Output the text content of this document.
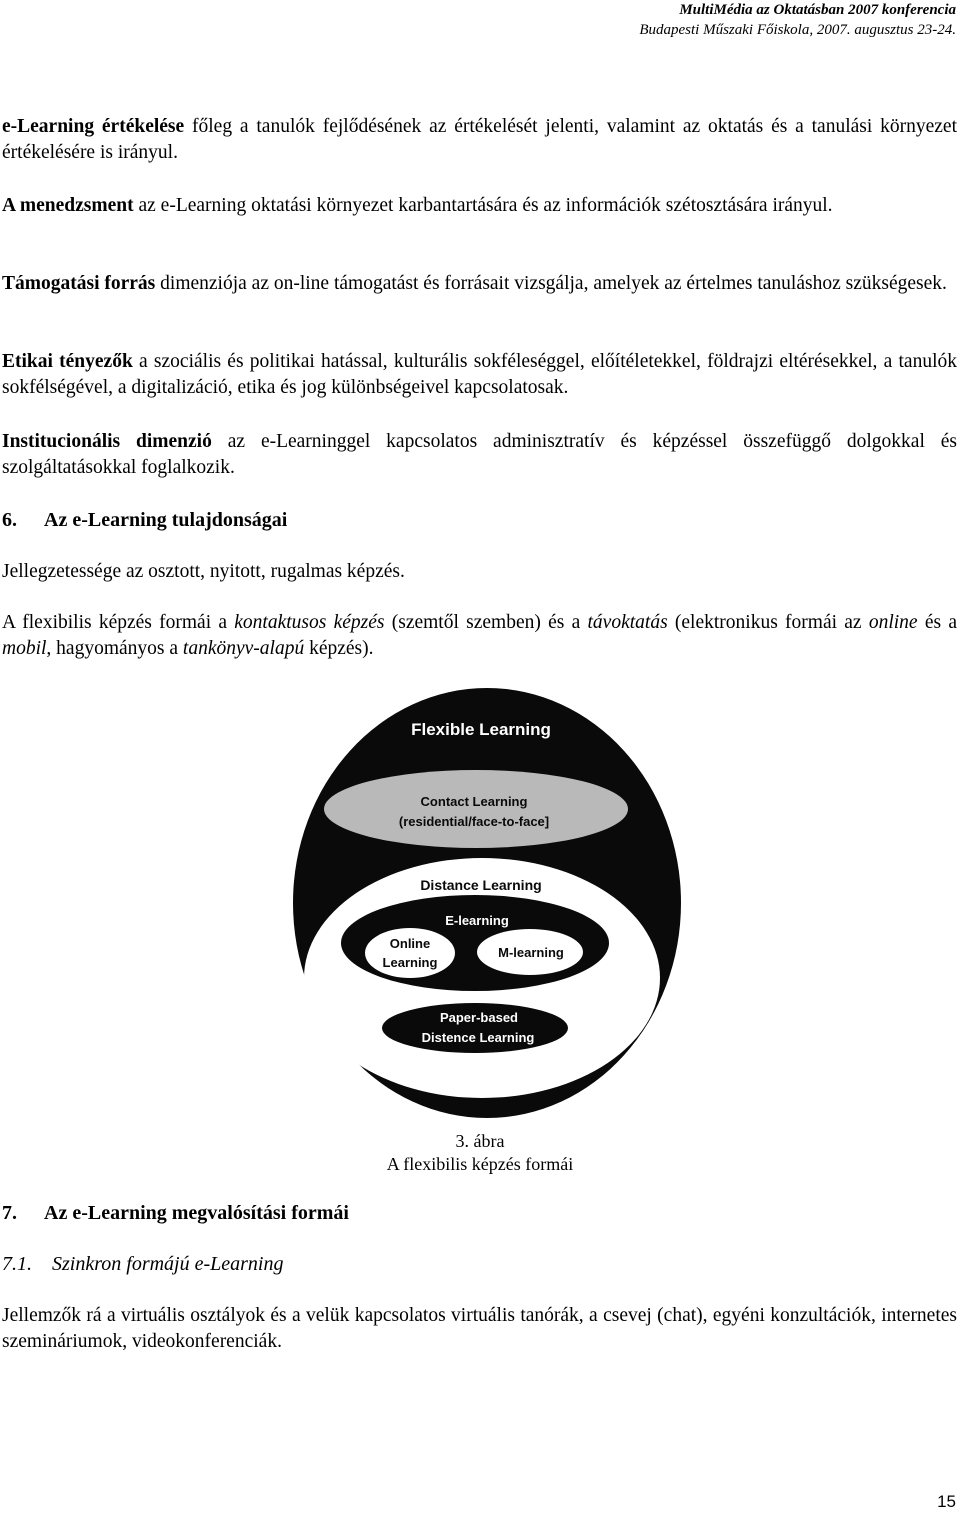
MultiMédia az Oktatásban 2007 konferencia
Budapesti Műszaki Főiskola, 2007. augusztus 23-24.

e-Learning értékelése főleg a tanulók fejlődésének az értékelését jelenti, valamint az oktatás és a tanulási környezet értékelésére is irányul.

A menedzsment az e-Learning oktatási környezet karbantartására és az információk szétosztására irányul.

Támogatási forrás dimenziója az on-line támogatást és forrásait vizsgálja, amelyek az értelmes tanuláshoz szükségesek.

Etikai tényezők a szociális és politikai hatással, kulturális sokféleséggel, előítéletekkel, földrajzi eltérésekkel, a tanulók sokfélségével, a digitalizáció, etika és jog különbségeivel kapcsolatosak.

Institucionális dimenzió az e-Learninggel kapcsolatos adminisztratív és képzéssel összefüggő dolgokkal és szolgáltatásokkal foglalkozik.

6. Az e-Learning tulajdonságai

Jellegzetessége az osztott, nyitott, rugalmas képzés.

A flexibilis képzés formái a kontaktusos képzés (szemtől szemben) és a távoktatás (elektronikus formái az online és a mobil, hagyományos a tankönyv-alapú képzés).

Flexible Learning
Contact Learning
(residential/face-to-face]
Distance Learning
E-learning
Online
Learning
M-learning
Paper-based
Distence Learning
3. ábra
A flexibilis képzés formái
7. Az e-Learning megvalósítási formái
7.1. Szinkron formájú e-Learning

Jellemzők rá a virtuális osztályok és a velük kapcsolatos virtuális tanórák, a csevej (chat), egyéni konzultációk, internetes szemináriumok, videokonferenciák.

15
